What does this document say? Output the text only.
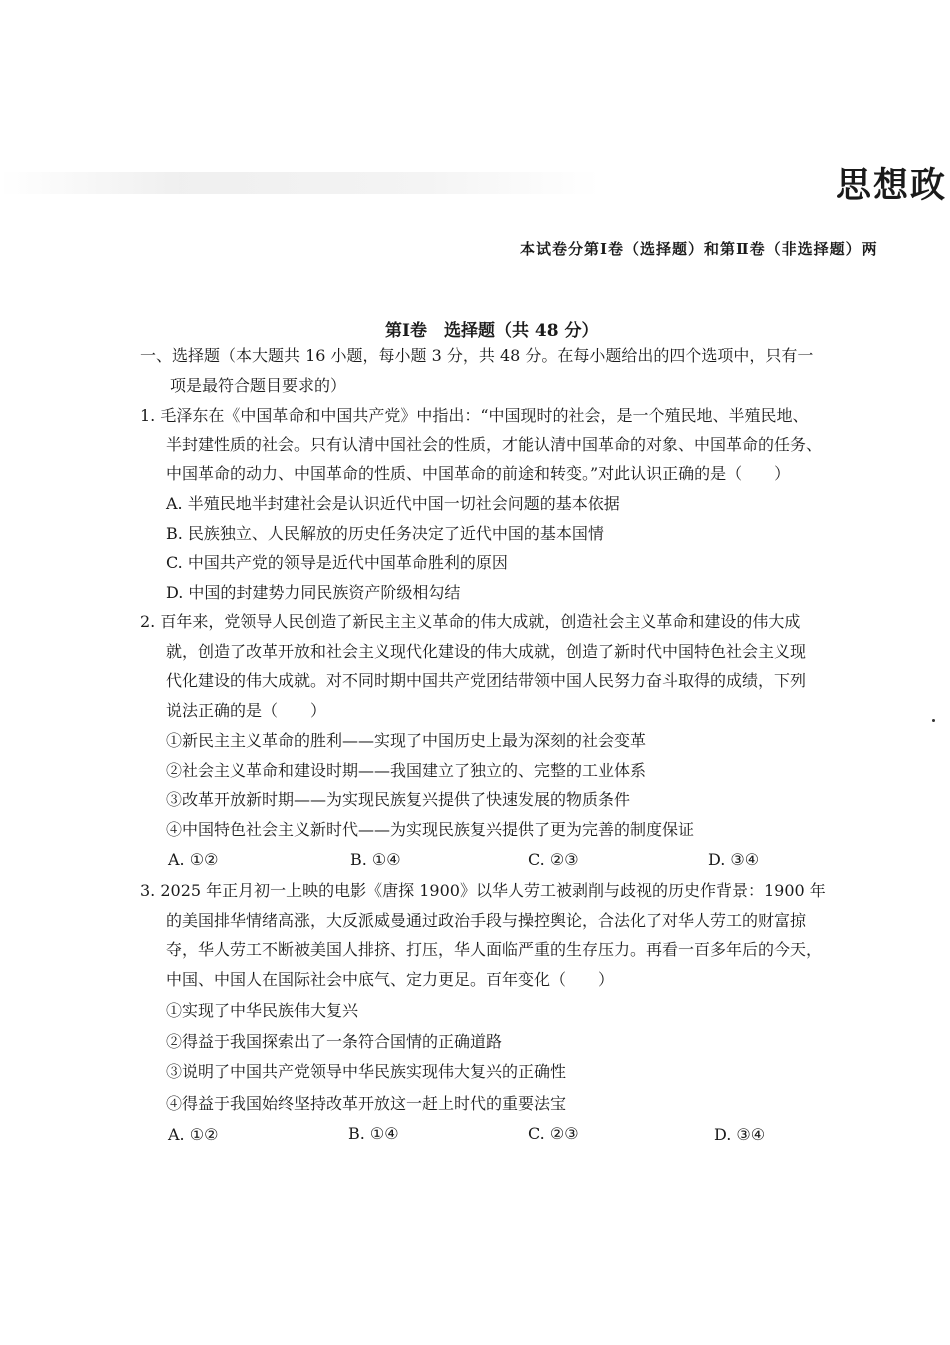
思想政
本试卷分第Ⅰ卷（选择题）和第Ⅱ卷（非选择题）两
第Ⅰ卷　选择题（共 48 分）
一、选择题（本大题共 16 小题，每小题 3 分，共 48 分。在每小题给出的四个选项中，只有一
项是最符合题目要求的）
1. 毛泽东在《中国革命和中国共产党》中指出：“中国现时的社会，是一个殖民地、半殖民地、
半封建性质的社会。只有认清中国社会的性质，才能认清中国革命的对象、中国革命的任务、
中国革命的动力、中国革命的性质、中国革命的前途和转变。”对此认识正确的是（　　）
A. 半殖民地半封建社会是认识近代中国一切社会问题的基本依据
B. 民族独立、人民解放的历史任务决定了近代中国的基本国情
C. 中国共产党的领导是近代中国革命胜利的原因
D. 中国的封建势力同民族资产阶级相勾结
2. 百年来，党领导人民创造了新民主主义革命的伟大成就，创造社会主义革命和建设的伟大成
就，创造了改革开放和社会主义现代化建设的伟大成就，创造了新时代中国特色社会主义现
代化建设的伟大成就。对不同时期中国共产党团结带领中国人民努力奋斗取得的成绩，下列
说法正确的是（　　）
①新民主主义革命的胜利——实现了中国历史上最为深刻的社会变革
②社会主义革命和建设时期——我国建立了独立的、完整的工业体系
③改革开放新时期——为实现民族复兴提供了快速发展的物质条件
④中国特色社会主义新时代——为实现民族复兴提供了更为完善的制度保证
A. ①②	B. ①④	C. ②③	D. ③④
3. 2025 年正月初一上映的电影《唐探 1900》以华人劳工被剥削与歧视的历史作背景：1900 年
的美国排华情绪高涨，大反派威曼通过政治手段与操控舆论，合法化了对华人劳工的财富掠
夺，华人劳工不断被美国人排挤、打压，华人面临严重的生存压力。再看一百多年后的今天，
中国、中国人在国际社会中底气、定力更足。百年变化（　　）
①实现了中华民族伟大复兴
②得益于我国探索出了一条符合国情的正确道路
③说明了中国共产党领导中华民族实现伟大复兴的正确性
④得益于我国始终坚持改革开放这一赶上时代的重要法宝
A. ①②	B. ①④	C. ②③	D. ③④
